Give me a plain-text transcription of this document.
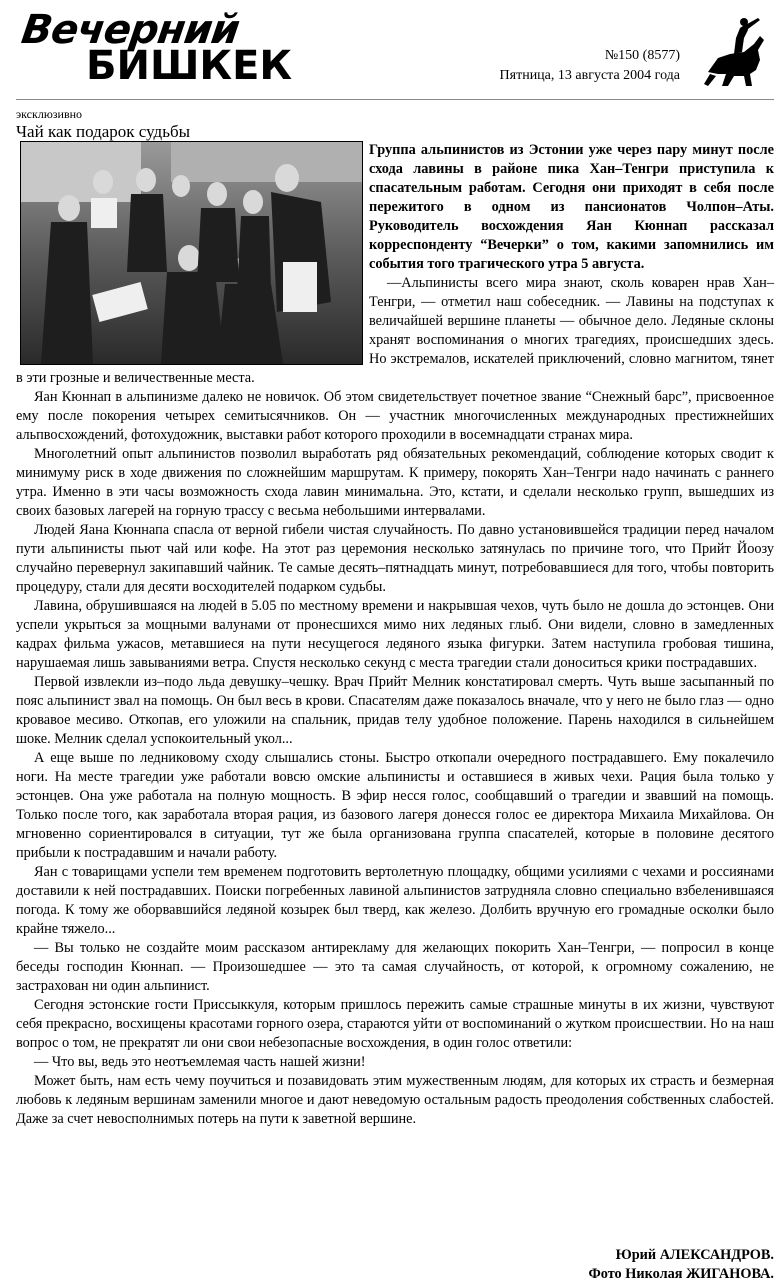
Вечерний
БИШКЕК	№150 (8577)
Пятница, 13 августа 2004 года
эксклюзивно
Чай как подарок судьбы

Группа альпинистов из Эстонии уже через пару минут после схода лавины в районе пика Хан–Тенгри приступила к спасательным работам. Сегодня они приходят в себя после пережитого в одном из пансионатов Чолпон–Аты. Руководитель восхождения Яан Кюннап рассказал корреспонденту “Вечерки” о том, какими запомнились им события того трагического утра 5 августа.

—Альпинисты всего мира знают, сколь коварен нрав Хан–Тенгри, — отметил наш собеседник. — Лавины на подступах к величайшей вершине планеты — обычное дело. Ледяные склоны хранят воспоминания о многих трагедиях, происшедших здесь. Но экстремалов, искателей приключений, словно магнитом, тянет в эти грозные и величественные места.

Яан Кюннап в альпинизме далеко не новичок. Об этом свидетельствует почетное звание “Снежный барс”, присвоенное ему после покорения четырех семитысячников. Он — участник многочисленных международных престижнейших альпвосхождений, фотохудожник, выставки работ которого проходили в восемнадцати странах мира.

Многолетний опыт альпинистов позволил выработать ряд обязательных рекомендаций, соблюдение которых сводит к минимуму риск в ходе движения по сложнейшим маршрутам. К примеру, покорять Хан–Тенгри надо начинать с раннего утра. Именно в эти часы возможность схода лавин минимальна. Это, кстати, и сделали несколько групп, вышедших из своих базовых лагерей на горную трассу с весьма небольшими интервалами.

Людей Яана Кюннапа спасла от верной гибели чистая случайность. По давно установившейся традиции перед началом пути альпинисты пьют чай или кофе. На этот раз церемония несколько затянулась по причине того, что Прийт Йоозу случайно перевернул закипавший чайник. Те самые десять–пятнадцать минут, потребовавшиеся для того, чтобы повторить процедуру, стали для десяти восходителей подарком судьбы.

Лавина, обрушившаяся на людей в 5.05 по местному времени и накрывшая чехов, чуть было не дошла до эстонцев. Они успели укрыться за мощными валунами от пронесшихся мимо них ледяных глыб. Они видели, словно в замедленных кадрах фильма ужасов, метавшиеся на пути несущегося ледяного языка фигурки. Затем наступила гробовая тишина, нарушаемая лишь завываниями ветра. Спустя несколько секунд с места трагедии стали доноситься крики пострадавших.

Первой извлекли из–подо льда девушку–чешку. Врач Прийт Мелник констатировал смерть. Чуть выше засыпанный по пояс альпинист звал на помощь. Он был весь в крови. Спасателям даже показалось вначале, что у него не было глаз — одно кровавое месиво. Откопав, его уложили на спальник, придав телу удобное положение. Парень находился в сильнейшем шоке. Мелник сделал успокоительный укол...

А еще выше по ледниковому сходу слышались стоны. Быстро откопали очередного пострадавшего. Ему покалечило ноги. На месте трагедии уже работали вовсю омские альпинисты и оставшиеся в живых чехи. Рация была только у эстонцев. Она уже работала на полную мощность. В эфир несся голос, сообщавший о трагедии и звавший на помощь. Только после того, как заработала вторая рация, из базового лагеря донесся голос ее директора Михаила Михайлова. Он мгновенно сориентировался в ситуации, тут же была организована группа спасателей, которые в половине десятого прибыли к пострадавшим и начали работу.

Яан с товарищами успели тем временем подготовить вертолетную площадку, общими усилиями с чехами и россиянами доставили к ней пострадавших. Поиски погребенных лавиной альпинистов затрудняла словно специально взбеленившаяся погода. К тому же оборвавшийся ледяной козырек был тверд, как железо. Долбить вручную его громадные осколки было крайне тяжело...

— Вы только не создайте моим рассказом антирекламу для желающих покорить Хан–Тенгри, — попросил в конце беседы господин Кюннап. — Произошедшее — это та самая случайность, от которой, к огромному сожалению, не застрахован ни один альпинист.

Сегодня эстонские гости Приссыккуля, которым пришлось пережить самые страшные минуты в их жизни, чувствуют себя прекрасно, восхищены красотами горного озера, стараются уйти от воспоминаний о жутком происшествии. Но на наш вопрос о том, не прекратят ли они свои небезопасные восхождения, в один голос ответили:

— Что вы, ведь это неотъемлемая часть нашей жизни!

Может быть, нам есть чему поучиться и позавидовать этим мужественным людям, для которых их страсть и безмерная любовь к ледяным вершинам заменили многое и дают неведомую остальным радость преодоления собственных слабостей. Даже за счет невосполнимых потерь на пути к заветной вершине.

Юрий АЛЕКСАНДРОВ.
Фото Николая ЖИГАНОВА.
